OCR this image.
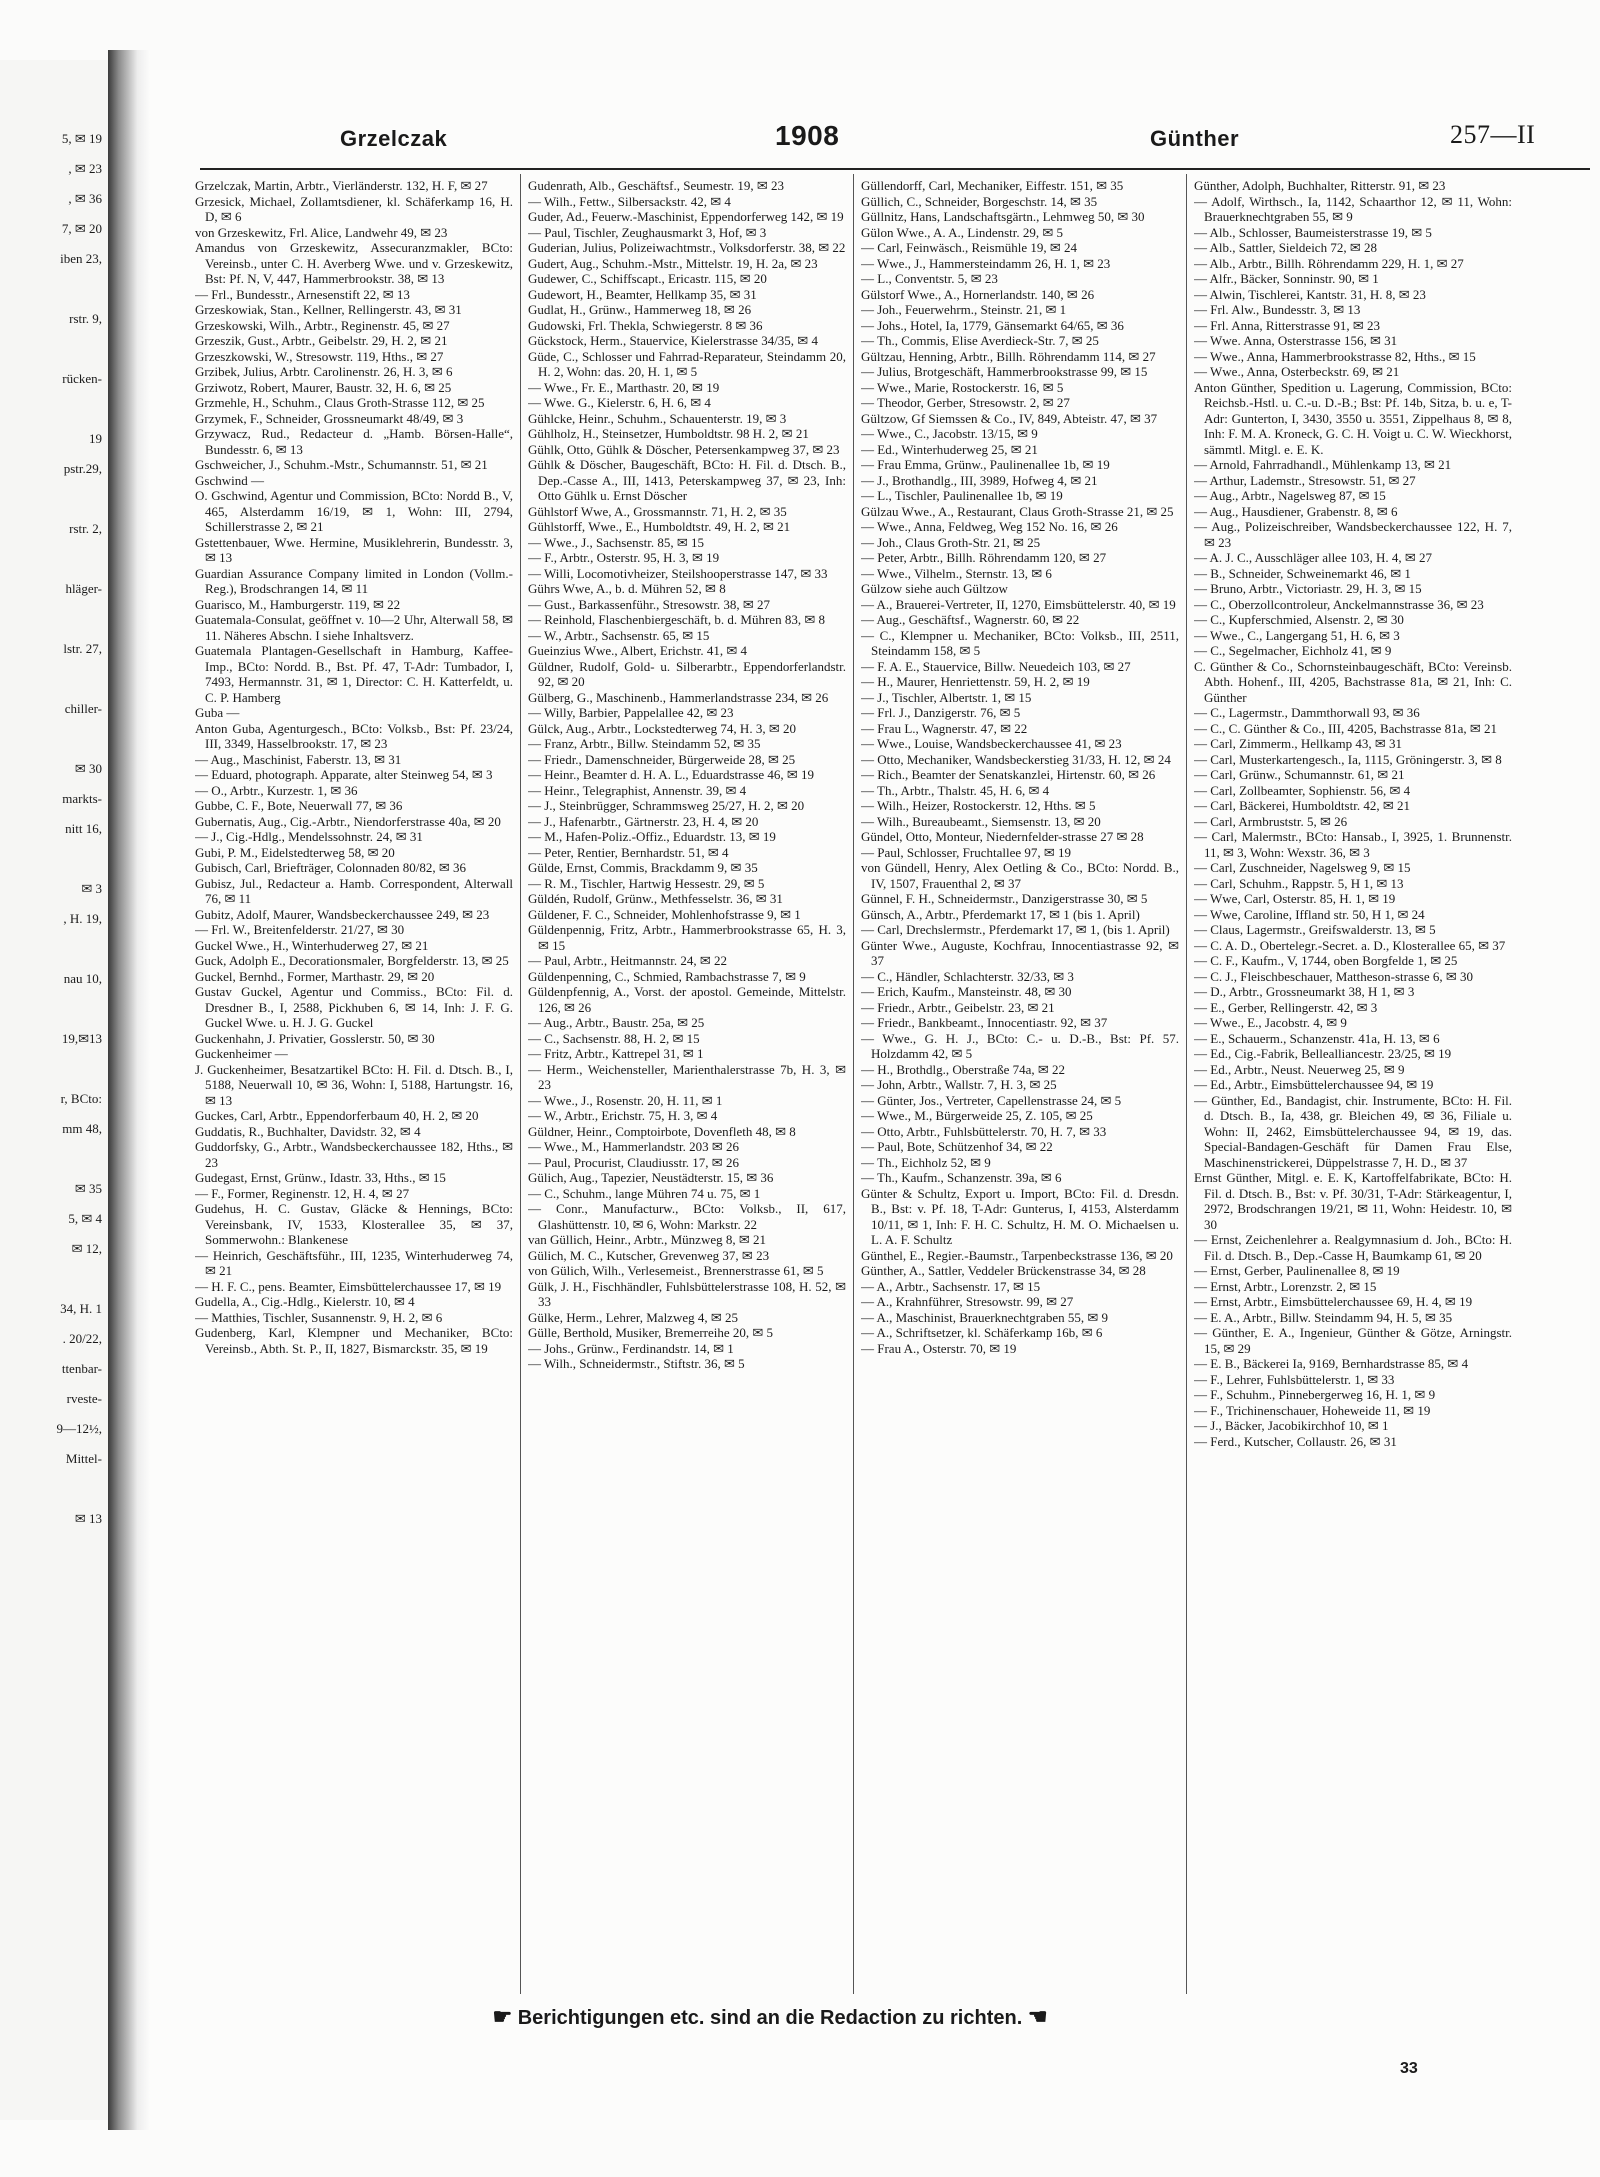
5, ✉ 19
, ✉ 23
, ✉ 36
7, ✉ 20
iben 23,
rstr. 9,
rücken-
19
pstr.29,
rstr. 2,
hläger-
lstr. 27,
chiller-
✉ 30
markts-
nitt 16,
✉ 3
, H. 19,
nau 10,
19,✉13
r, BCto:
mm 48,
✉ 35
5, ✉ 4
✉ 12,
34, H. 1
. 20/22,
ttenbar-
rveste-
9—12½,
Mittel-
✉ 13
Grzelczak	1908	Günther	257—II
Grzelczak, Martin, Arbtr., Vierländerstr. 132, H. F, ✉ 27
Grzesick, Michael, Zollamtsdiener, kl. Schäferkamp 16, H. D, ✉ 6
von Grzeskewitz, Frl. Alice, Landwehr 49, ✉ 23
Amandus von Grzeskewitz, Assecuranzmakler, BCto: Vereinsb., unter C. H. Averberg Wwe. und v. Grzeskewitz, Bst: Pf. N, V, 447, Hammerbrookstr. 38, ✉ 13
— Frl., Bundesstr., Arnesenstift 22, ✉ 13
Grzeskowiak, Stan., Kellner, Rellingerstr. 43, ✉ 31
Grzeskowski, Wilh., Arbtr., Reginenstr. 45, ✉ 27
Grzeszik, Gust., Arbtr., Geibelstr. 29, H. 2, ✉ 21
Grzeszkowski, W., Stresowstr. 119, Hths., ✉ 27
Grzibek, Julius, Arbtr. Carolinenstr. 26, H. 3, ✉ 6
Grziwotz, Robert, Maurer, Baustr. 32, H. 6, ✉ 25
Grzmehle, H., Schuhm., Claus Groth-Strasse 112, ✉ 25
Grzymek, F., Schneider, Grossneumarkt 48/49, ✉ 3
Grzywacz, Rud., Redacteur d. „Hamb. Börsen-Halle“, Bundesstr. 6, ✉ 13
Gschweicher, J., Schuhm.-Mstr., Schumannstr. 51, ✉ 21
Gschwind —
O. Gschwind, Agentur und Commission, BCto: Nordd B., V, 465, Alsterdamm 16/19, ✉ 1, Wohn: III, 2794, Schillerstrasse 2, ✉ 21
Gstettenbauer, Wwe. Hermine, Musiklehrerin, Bundesstr. 3, ✉ 13
Guardian Assurance Company limited in London (Vollm.-Reg.), Brodschrangen 14, ✉ 11
Guarisco, M., Hamburgerstr. 119, ✉ 22
Guatemala-Consulat, geöffnet v. 10—2 Uhr, Alterwall 58, ✉ 11. Näheres Abschn. I siehe Inhaltsverz.
Guatemala Plantagen-Gesellschaft in Hamburg, Kaffee-Imp., BCto: Nordd. B., Bst. Pf. 47, T-Adr: Tumbador, I, 7493, Hermannstr. 31, ✉ 1, Director: C. H. Katterfeldt, u. C. P. Hamberg
Guba —
Anton Guba, Agenturgesch., BCto: Volksb., Bst: Pf. 23/24, III, 3349, Hasselbrookstr. 17, ✉ 23
— Aug., Maschinist, Faberstr. 13, ✉ 31
— Eduard, photograph. Apparate, alter Steinweg 54, ✉ 3
— O., Arbtr., Kurzestr. 1, ✉ 36
Gubbe, C. F., Bote, Neuerwall 77, ✉ 36
Gubernatis, Aug., Cig.-Arbtr., Niendorferstrasse 40a, ✉ 20
— J., Cig.-Hdlg., Mendelssohnstr. 24, ✉ 31
Gubi, P. M., Eidelstedterweg 58, ✉ 20
Gubisch, Carl, Briefträger, Colonnaden 80/82, ✉ 36
Gubisz, Jul., Redacteur a. Hamb. Correspondent, Alterwall 76, ✉ 11
Gubitz, Adolf, Maurer, Wandsbeckerchaussee 249, ✉ 23
— Frl. W., Breitenfelderstr. 21/27, ✉ 30
Guckel Wwe., H., Winterhuderweg 27, ✉ 21
Guck, Adolph E., Decorationsmaler, Borgfelderstr. 13, ✉ 25
Guckel, Bernhd., Former, Marthastr. 29, ✉ 20
Gustav Guckel, Agentur und Commiss., BCto: Fil. d. Dresdner B., I, 2588, Pickhuben 6, ✉ 14, Inh: J. F. G. Guckel Wwe. u. H. J. G. Guckel
Guckenhahn, J. Privatier, Gosslerstr. 50, ✉ 30
Guckenheimer —
J. Guckenheimer, Besatzartikel BCto: H. Fil. d. Dtsch. B., I, 5188, Neuerwall 10, ✉ 36, Wohn: I, 5188, Hartungstr. 16, ✉ 13
Guckes, Carl, Arbtr., Eppendorferbaum 40, H. 2, ✉ 20
Guddatis, R., Buchhalter, Davidstr. 32, ✉ 4
Guddorfsky, G., Arbtr., Wandsbeckerchaussee 182, Hths., ✉ 23
Gudegast, Ernst, Grünw., Idastr. 33, Hths., ✉ 15
— F., Former, Reginenstr. 12, H. 4, ✉ 27
Gudehus, H. C. Gustav, Gläcke & Hennings, BCto: Vereinsbank, IV, 1533, Klosterallee 35, ✉ 37, Sommerwohn.: Blankenese
— Heinrich, Geschäftsführ., III, 1235, Winterhuderweg 74, ✉ 21
— H. F. C., pens. Beamter, Eimsbüttelerchaussee 17, ✉ 19
Gudella, A., Cig.-Hdlg., Kielerstr. 10, ✉ 4
— Matthies, Tischler, Susannenstr. 9, H. 2, ✉ 6
Gudenberg, Karl, Klempner und Mechaniker, BCto: Vereinsb., Abth. St. P., II, 1827, Bismarckstr. 35, ✉ 19
Gudenrath, Alb., Geschäftsf., Seumestr. 19, ✉ 23
— Wilh., Fettw., Silbersackstr. 42, ✉ 4
Guder, Ad., Feuerw.-Maschinist, Eppendorferweg 142, ✉ 19
— Paul, Tischler, Zeughausmarkt 3, Hof, ✉ 3
Guderian, Julius, Polizeiwachtmstr., Volksdorferstr. 38, ✉ 22
Gudert, Aug., Schuhm.-Mstr., Mittelstr. 19, H. 2a, ✉ 23
Gudewer, C., Schiffscapt., Ericastr. 115, ✉ 20
Gudewort, H., Beamter, Hellkamp 35, ✉ 31
Gudlat, H., Grünw., Hammerweg 18, ✉ 26
Gudowski, Frl. Thekla, Schwiegerstr. 8 ✉ 36
Gückstock, Herm., Stauervice, Kielerstrasse 34/35, ✉ 4
Güde, C., Schlosser und Fahrrad-Reparateur, Steindamm 20, H. 2, Wohn: das. 20, H. 1, ✉ 5
— Wwe., Fr. E., Marthastr. 20, ✉ 19
— Wwe. G., Kielerstr. 6, H. 6, ✉ 4
Gühlcke, Heinr., Schuhm., Schauenterstr. 19, ✉ 3
Gühlholz, H., Steinsetzer, Humboldtstr. 98 H. 2, ✉ 21
Gühlk, Otto, Gühlk & Döscher, Petersenkampweg 37, ✉ 23
Gühlk & Döscher, Baugeschäft, BCto: H. Fil. d. Dtsch. B., Dep.-Casse A., III, 1413, Peterskampweg 37, ✉ 23, Inh: Otto Gühlk u. Ernst Döscher
Gühlstorf Wwe, A., Grossmannstr. 71, H. 2, ✉ 35
Gühlstorff, Wwe., E., Humboldtstr. 49, H. 2, ✉ 21
— Wwe., J., Sachsenstr. 85, ✉ 15
— F., Arbtr., Osterstr. 95, H. 3, ✉ 19
— Willi, Locomotivheizer, Steilshooperstrasse 147, ✉ 33
Gührs Wwe, A., b. d. Mühren 52, ✉ 8
— Gust., Barkassenführ., Stresowstr. 38, ✉ 27
— Reinhold, Flaschenbiergeschäft, b. d. Mühren 83, ✉ 8
— W., Arbtr., Sachsenstr. 65, ✉ 15
Gueinzius Wwe., Albert, Erichstr. 41, ✉ 4
Güldner, Rudolf, Gold- u. Silberarbtr., Eppendorferlandstr. 92, ✉ 20
Gülberg, G., Maschinenb., Hammerlandstrasse 234, ✉ 26
— Willy, Barbier, Pappelallee 42, ✉ 23
Gülck, Aug., Arbtr., Lockstedterweg 74, H. 3, ✉ 20
— Franz, Arbtr., Billw. Steindamm 52, ✉ 35
— Friedr., Damenschneider, Bürgerweide 28, ✉ 25
— Heinr., Beamter d. H. A. L., Eduardstrasse 46, ✉ 19
— Heinr., Telegraphist, Annenstr. 39, ✉ 4
— J., Steinbrügger, Schrammsweg 25/27, H. 2, ✉ 20
— J., Hafenarbtr., Gärtnerstr. 23, H. 4, ✉ 20
— M., Hafen-Poliz.-Offiz., Eduardstr. 13, ✉ 19
— Peter, Rentier, Bernhardstr. 51, ✉ 4
Gülde, Ernst, Commis, Brackdamm 9, ✉ 35
— R. M., Tischler, Hartwig Hessestr. 29, ✉ 5
Güldén, Rudolf, Grünw., Methfesselstr. 36, ✉ 31
Güldener, F. C., Schneider, Mohlenhofstrasse 9, ✉ 1
Güldenpennig, Fritz, Arbtr., Hammerbrookstrasse 65, H. 3, ✉ 15
— Paul, Arbtr., Heitmannstr. 24, ✉ 22
Güldenpenning, C., Schmied, Rambachstrasse 7, ✉ 9
Güldenpfennig, A., Vorst. der apostol. Gemeinde, Mittelstr. 126, ✉ 26
— Aug., Arbtr., Baustr. 25a, ✉ 25
— C., Sachsenstr. 88, H. 2, ✉ 15
— Fritz, Arbtr., Kattrepel 31, ✉ 1
— Herm., Weichensteller, Marienthalerstrasse 7b, H. 3, ✉ 23
— Wwe., J., Rosenstr. 20, H. 11, ✉ 1
— W., Arbtr., Erichstr. 75, H. 3, ✉ 4
Güldner, Heinr., Comptoirbote, Dovenfleth 48, ✉ 8
— Wwe., M., Hammerlandstr. 203 ✉ 26
— Paul, Procurist, Claudiusstr. 17, ✉ 26
Gülich, Aug., Tapezier, Neustädterstr. 15, ✉ 36
— C., Schuhm., lange Mühren 74 u. 75, ✉ 1
— Conr., Manufacturw., BCto: Volksb., II, 617, Glashüttenstr. 10, ✉ 6, Wohn: Markstr. 22
van Güllich, Heinr., Arbtr., Münzweg 8, ✉ 21
Gülich, M. C., Kutscher, Grevenweg 37, ✉ 23
von Gülich, Wilh., Verlesemeist., Brennerstrasse 61, ✉ 5
Gülk, J. H., Fischhändler, Fuhlsbüttelerstrasse 108, H. 52, ✉ 33
Gülke, Herm., Lehrer, Malzweg 4, ✉ 25
Gülle, Berthold, Musiker, Bremerreihe 20, ✉ 5
— Johs., Grünw., Ferdinandstr. 14, ✉ 1
— Wilh., Schneidermstr., Stiftstr. 36, ✉ 5
Güllendorff, Carl, Mechaniker, Eiffestr. 151, ✉ 35
Güllich, C., Schneider, Borgeschstr. 14, ✉ 35
Güllnitz, Hans, Landschaftsgärtn., Lehmweg 50, ✉ 30
Gülon Wwe., A. A., Lindenstr. 29, ✉ 5
— Carl, Feinwäsch., Reismühle 19, ✉ 24
— Wwe., J., Hammersteindamm 26, H. 1, ✉ 23
— L., Conventstr. 5, ✉ 23
Gülstorf Wwe., A., Hornerlandstr. 140, ✉ 26
— Joh., Feuerwehrm., Steinstr. 21, ✉ 1
— Johs., Hotel, Ia, 1779, Gänsemarkt 64/65, ✉ 36
— Th., Commis, Elise Averdieck-Str. 7, ✉ 25
Gültzau, Henning, Arbtr., Billh. Röhrendamm 114, ✉ 27
— Julius, Brotgeschäft, Hammerbrookstrasse 99, ✉ 15
— Wwe., Marie, Rostockerstr. 16, ✉ 5
— Theodor, Gerber, Stresowstr. 2, ✉ 27
Gültzow, Gf Siemssen & Co., IV, 849, Abteistr. 47, ✉ 37
— Wwe., C., Jacobstr. 13/15, ✉ 9
— Ed., Winterhuderweg 25, ✉ 21
— Frau Emma, Grünw., Paulinenallee 1b, ✉ 19
— J., Brothandlg., III, 3989, Hofweg 4, ✉ 21
— L., Tischler, Paulinenallee 1b, ✉ 19
Gülzau Wwe., A., Restaurant, Claus Groth-Strasse 21, ✉ 25
— Wwe., Anna, Feldweg, Weg 152 No. 16, ✉ 26
— Joh., Claus Groth-Str. 21, ✉ 25
— Peter, Arbtr., Billh. Röhrendamm 120, ✉ 27
— Wwe., Vilhelm., Sternstr. 13, ✉ 6
Gülzow siehe auch Gültzow
— A., Brauerei-Vertreter, II, 1270, Eimsbüttelerstr. 40, ✉ 19
— Aug., Geschäftsf., Wagnerstr. 60, ✉ 22
— C., Klempner u. Mechaniker, BCto: Volksb., III, 2511, Steindamm 158, ✉ 5
— F. A. E., Stauervice, Billw. Neuedeich 103, ✉ 27
— H., Maurer, Henriettenstr. 59, H. 2, ✉ 19
— J., Tischler, Albertstr. 1, ✉ 15
— Frl. J., Danzigerstr. 76, ✉ 5
— Frau L., Wagnerstr. 47, ✉ 22
— Wwe., Louise, Wandsbeckerchaussee 41, ✉ 23
— Otto, Mechaniker, Wandsbeckerstieg 31/33, H. 12, ✉ 24
— Rich., Beamter der Senatskanzlei, Hirtenstr. 60, ✉ 26
— Th., Arbtr., Thalstr. 45, H. 6, ✉ 4
— Wilh., Heizer, Rostockerstr. 12, Hths. ✉ 5
— Wilh., Bureaubeamt., Siemsenstr. 13, ✉ 20
Gündel, Otto, Monteur, Niedernfelder-strasse 27 ✉ 28
— Paul, Schlosser, Fruchtallee 97, ✉ 19
von Gündell, Henry, Alex Oetling & Co., BCto: Nordd. B., IV, 1507, Frauenthal 2, ✉ 37
Günnel, F. H., Schneidermstr., Danzigerstrasse 30, ✉ 5
Günsch, A., Arbtr., Pferdemarkt 17, ✉ 1 (bis 1. April)
— Carl, Drechslermstr., Pferdemarkt 17, ✉ 1, (bis 1. April)
Günter Wwe., Auguste, Kochfrau, Innocentiastrasse 92, ✉ 37
— C., Händler, Schlachterstr. 32/33, ✉ 3
— Erich, Kaufm., Mansteinstr. 48, ✉ 30
— Friedr., Arbtr., Geibelstr. 23, ✉ 21
— Friedr., Bankbeamt., Innocentiastr. 92, ✉ 37
— Wwe., G. H. J., BCto: C.- u. D.-B., Bst: Pf. 57. Holzdamm 42, ✉ 5
— H., Brothdlg., Oberstraße 74a, ✉ 22
— John, Arbtr., Wallstr. 7, H. 3, ✉ 25
— Günter, Jos., Vertreter, Capellenstrasse 24, ✉ 5
— Wwe., M., Bürgerweide 25, Z. 105, ✉ 25
— Otto, Arbtr., Fuhlsbüttelerstr. 70, H. 7, ✉ 33
— Paul, Bote, Schützenhof 34, ✉ 22
— Th., Eichholz 52, ✉ 9
— Th., Kaufm., Schanzenstr. 39a, ✉ 6
Günter & Schultz, Export u. Import, BCto: Fil. d. Dresdn. B., Bst: v. Pf. 18, T-Adr: Gunterus, I, 4153, Alsterdamm 10/11, ✉ 1, Inh: F. H. C. Schultz, H. M. O. Michaelsen u. L. A. F. Schultz
Günthel, E., Regier.-Baumstr., Tarpenbeckstrasse 136, ✉ 20
Günther, A., Sattler, Veddeler Brückenstrasse 34, ✉ 28
— A., Arbtr., Sachsenstr. 17, ✉ 15
— A., Krahnführer, Stresowstr. 99, ✉ 27
— A., Maschinist, Brauerknechtgraben 55, ✉ 9
— A., Schriftsetzer, kl. Schäferkamp 16b, ✉ 6
— Frau A., Osterstr. 70, ✉ 19
Günther, Adolph, Buchhalter, Ritterstr. 91, ✉ 23
— Adolf, Wirthsch., Ia, 1142, Schaarthor 12, ✉ 11, Wohn: Brauerknechtgraben 55, ✉ 9
— Alb., Schlosser, Baumeisterstrasse 19, ✉ 5
— Alb., Sattler, Sieldeich 72, ✉ 28
— Alb., Arbtr., Billh. Röhrendamm 229, H. 1, ✉ 27
— Alfr., Bäcker, Sonninstr. 90, ✉ 1
— Alwin, Tischlerei, Kantstr. 31, H. 8, ✉ 23
— Frl. Alw., Bundesstr. 3, ✉ 13
— Frl. Anna, Ritterstrasse 91, ✉ 23
— Wwe. Anna, Osterstrasse 156, ✉ 31
— Wwe., Anna, Hammerbrookstrasse 82, Hths., ✉ 15
— Wwe., Anna, Osterbeckstr. 69, ✉ 21
Anton Günther, Spedition u. Lagerung, Commission, BCto: Reichsb.-Hstl. u. C.-u. D.-B.; Bst: Pf. 14b, Sitza, b. u. e, T-Adr: Gunterton, I, 3430, 3550 u. 3551, Zippelhaus 8, ✉ 8, Inh: F. M. A. Kroneck, G. C. H. Voigt u. C. W. Wieckhorst, sämmtl. Mitgl. e. E. K.
— Arnold, Fahrradhandl., Mühlenkamp 13, ✉ 21
— Arthur, Lademstr., Stresowstr. 51, ✉ 27
— Aug., Arbtr., Nagelsweg 87, ✉ 15
— Aug., Hausdiener, Grabenstr. 8, ✉ 6
— Aug., Polizeischreiber, Wandsbeckerchaussee 122, H. 7, ✉ 23
— A. J. C., Ausschläger allee 103, H. 4, ✉ 27
— B., Schneider, Schweinemarkt 46, ✉ 1
— Bruno, Arbtr., Victoriastr. 29, H. 3, ✉ 15
— C., Oberzollcontroleur, Anckelmannstrasse 36, ✉ 23
— C., Kupferschmied, Alsenstr. 2, ✉ 30
— Wwe., C., Langergang 51, H. 6, ✉ 3
— C., Segelmacher, Eichholz 41, ✉ 9
C. Günther & Co., Schornsteinbaugeschäft, BCto: Vereinsb. Abth. Hohenf., III, 4205, Bachstrasse 81a, ✉ 21, Inh: C. Günther
— C., Lagermstr., Dammthorwall 93, ✉ 36
— C., C. Günther & Co., III, 4205, Bachstrasse 81a, ✉ 21
— Carl, Zimmerm., Hellkamp 43, ✉ 31
— Carl, Musterkartengesch., Ia, 1115, Gröningerstr. 3, ✉ 8
— Carl, Grünw., Schumannstr. 61, ✉ 21
— Carl, Zollbeamter, Sophienstr. 56, ✉ 4
— Carl, Bäckerei, Humboldtstr. 42, ✉ 21
— Carl, Armbruststr. 5, ✉ 26
— Carl, Malermstr., BCto: Hansab., I, 3925, 1. Brunnenstr. 11, ✉ 3, Wohn: Wexstr. 36, ✉ 3
— Carl, Zuschneider, Nagelsweg 9, ✉ 15
— Carl, Schuhm., Rappstr. 5, H 1, ✉ 13
— Wwe, Carl, Osterstr. 85, H. 1, ✉ 19
— Wwe, Caroline, Iffland str. 50, H 1, ✉ 24
— Claus, Lagermstr., Greifswalderstr. 13, ✉ 5
— C. A. D., Obertelegr.-Secret. a. D., Klosterallee 65, ✉ 37
— C. F., Kaufm., V, 1744, oben Borgfelde 1, ✉ 25
— C. J., Fleischbeschauer, Mattheson-strasse 6, ✉ 30
— D., Arbtr., Grossneumarkt 38, H 1, ✉ 3
— E., Gerber, Rellingerstr. 42, ✉ 3
— Wwe., E., Jacobstr. 4, ✉ 9
— E., Schauerm., Schanzenstr. 41a, H. 13, ✉ 6
— Ed., Cig.-Fabrik, Bellealliancestr. 23/25, ✉ 19
— Ed., Arbtr., Neust. Neuerweg 25, ✉ 9
— Ed., Arbtr., Eimsbüttelerchaussee 94, ✉ 19
— Günther, Ed., Bandagist, chir. Instrumente, BCto: H. Fil. d. Dtsch. B., Ia, 438, gr. Bleichen 49, ✉ 36, Filiale u. Wohn: II, 2462, Eimsbüttelerchaussee 94, ✉ 19, das. Special-Bandagen-Geschäft für Damen Frau Else, Maschinenstrickerei, Düppelstrasse 7, H. D., ✉ 37
Ernst Günther, Mitgl. e. E. K, Kartoffelfabrikate, BCto: H. Fil. d. Dtsch. B., Bst: v. Pf. 30/31, T-Adr: Stärkeagentur, I, 2972, Brodschrangen 19/21, ✉ 11, Wohn: Heidestr. 10, ✉ 30
— Ernst, Zeichenlehrer a. Realgymnasium d. Joh., BCto: H. Fil. d. Dtsch. B., Dep.-Casse H, Baumkamp 61, ✉ 20
— Ernst, Gerber, Paulinenallee 8, ✉ 19
— Ernst, Arbtr., Lorenzstr. 2, ✉ 15
— Ernst, Arbtr., Eimsbüttelerchaussee 69, H. 4, ✉ 19
— E. A., Arbtr., Billw. Steindamm 94, H. 5, ✉ 35
— Günther, E. A., Ingenieur, Günther & Götze, Arningstr. 15, ✉ 29
— E. B., Bäckerei Ia, 9169, Bernhardstrasse 85, ✉ 4
— F., Lehrer, Fuhlsbüttelerstr. 1, ✉ 33
— F., Schuhm., Pinnebergerweg 16, H. 1, ✉ 9
— F., Trichinenschauer, Hoheweide 11, ✉ 19
— J., Bäcker, Jacobikirchhof 10, ✉ 1
— Ferd., Kutscher, Collaustr. 26, ✉ 31
☛ Berichtigungen etc. sind an die Redaction zu richten. ☚
33
